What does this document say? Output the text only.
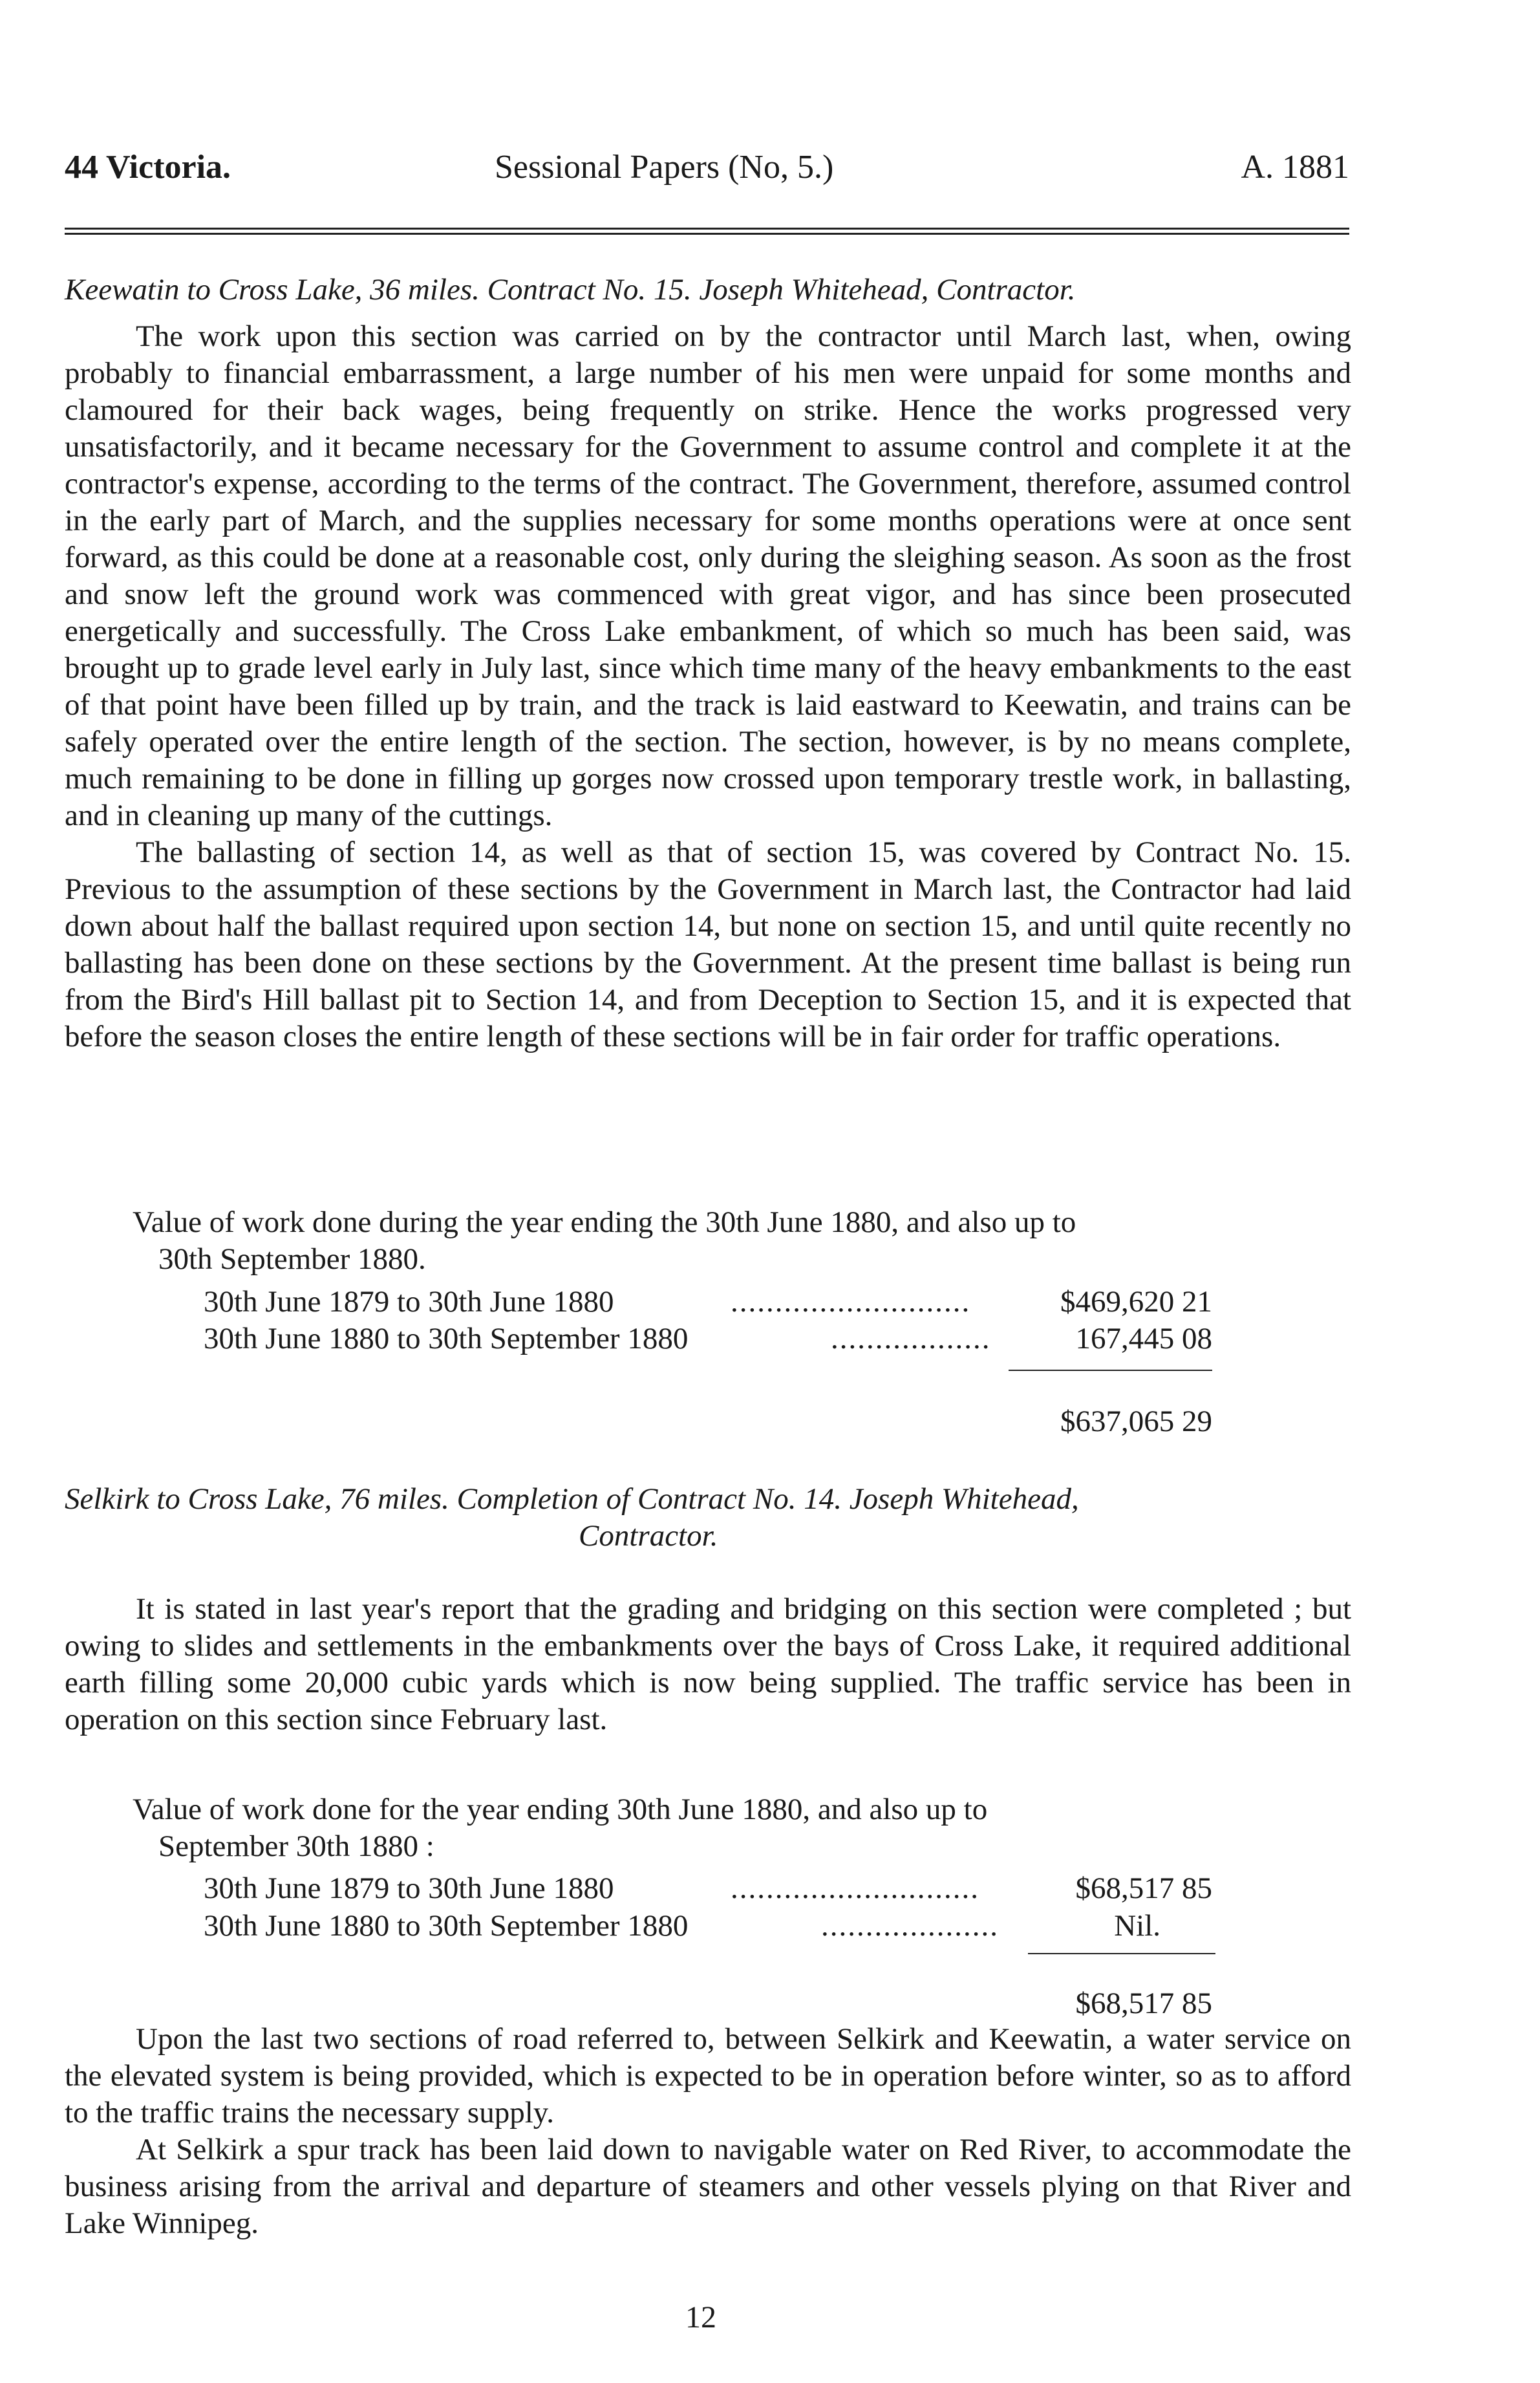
44 Victoria.	Sessional Papers (No, 5.)	A. 1881
Keewatin to Cross Lake, 36 miles. Contract No. 15. Joseph Whitehead, Contractor.

The work upon this section was carried on by the contractor until March last, when, owing probably to financial embarrassment, a large number of his men were unpaid for some months and clamoured for their back wages, being frequently on strike. Hence the works progressed very unsatisfactorily, and it became necessary for the Government to assume control and complete it at the contractor's expense, according to the terms of the contract. The Government, therefore, assumed control in the early part of March, and the supplies necessary for some months operations were at once sent forward, as this could be done at a reasonable cost, only during the sleighing season. As soon as the frost and snow left the ground work was commenced with great vigor, and has since been prosecuted energetically and successfully. The Cross Lake embankment, of which so much has been said, was brought up to grade level early in July last, since which time many of the heavy embankments to the east of that point have been filled up by train, and the track is laid eastward to Keewatin, and trains can be safely operated over the entire length of the section. The section, however, is by no means complete, much remaining to be done in filling up gorges now crossed upon temporary trestle work, in ballasting, and in cleaning up many of the cuttings.

The ballasting of section 14, as well as that of section 15, was covered by Contract No. 15. Previous to the assumption of these sections by the Government in March last, the Contractor had laid down about half the ballast required upon section 14, but none on section 15, and until quite recently no ballasting has been done on these sections by the Government. At the present time ballast is being run from the Bird's Hill ballast pit to Section 14, and from Deception to Section 15, and it is expected that before the season closes the entire length of these sections will be in fair order for traffic operations.

Value of work done during the year ending the 30th June 1880, and also up to
30th September 1880.
30th June 1879 to 30th June 1880	...........................	$469,620 21
30th June 1880 to 30th September 1880	..................	167,445 08
$637,065 29
Selkirk to Cross Lake, 76 miles. Completion of Contract No. 14. Joseph Whitehead,
Contractor.

It is stated in last year's report that the grading and bridging on this section were completed ; but owing to slides and settlements in the embankments over the bays of Cross Lake, it required additional earth filling some 20,000 cubic yards which is now being supplied. The traffic service has been in operation on this section since February last.

Value of work done for the year ending 30th June 1880, and also up to
September 30th 1880 :
30th June 1879 to 30th June 1880	............................	$68,517 85
30th June 1880 to 30th September 1880	....................	Nil.
$68,517 85

Upon the last two sections of road referred to, between Selkirk and Keewatin, a water service on the elevated system is being provided, which is expected to be in operation before winter, so as to afford to the traffic trains the necessary supply.

At Selkirk a spur track has been laid down to navigable water on Red River, to accommodate the business arising from the arrival and departure of steamers and other vessels plying on that River and Lake Winnipeg.

12
